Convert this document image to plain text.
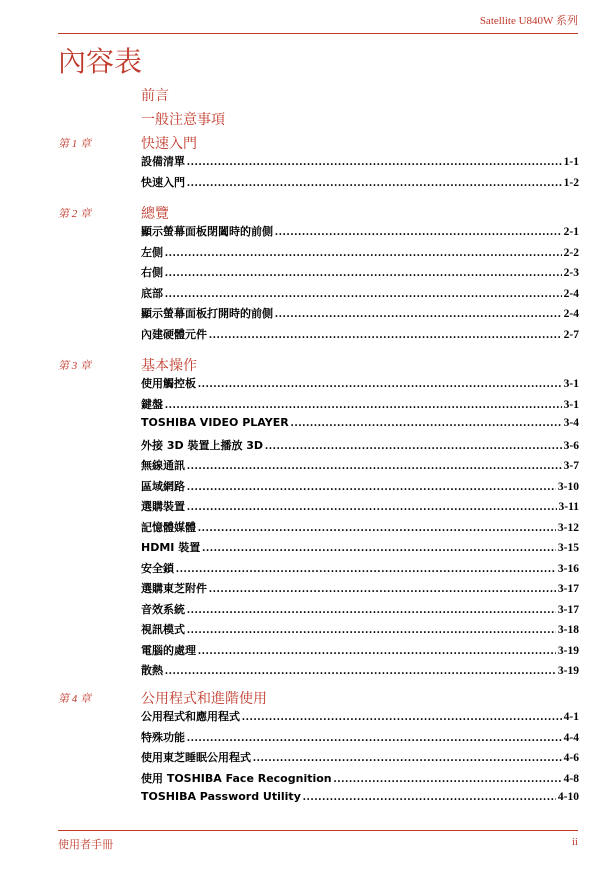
Satellite U840W 系列
內容表
前言
一般注意事項
第 1 章	快速入門
設備清單 .....	1-1
快速入門 .....	1-2
第 2 章	總覽
顯示螢幕面板閉闔時的前側 .....	2-1
左側 .....	2-2
右側 .....	2-3
底部 .....	2-4
顯示螢幕面板打開時的前側 .....	2-4
內建硬體元件 .....	2-7
第 3 章	基本操作
使用觸控板 .....	3-1
鍵盤 .....	3-1
TOSHIBA VIDEO PLAYER .....	3-4
外接 3D 裝置上播放 3D .....	3-6
無線通訊 .....	3-7
區域網路 .....	3-10
選購裝置 .....	3-11
記憶體媒體 .....	3-12
HDMI 裝置 .....	3-15
安全鎖 .....	3-16
選購東芝附件 .....	3-17
音效系統 .....	3-17
視訊模式 .....	3-18
電腦的處理 .....	3-19
散熱 .....	3-19
第 4 章	公用程式和進階使用
公用程式和應用程式 .....	4-1
特殊功能 .....	4-4
使用東芝睡眠公用程式 .....	4-6
使用 TOSHIBA Face Recognition .....	4-8
TOSHIBA Password Utility .....	4-10
使用者手冊	ii
